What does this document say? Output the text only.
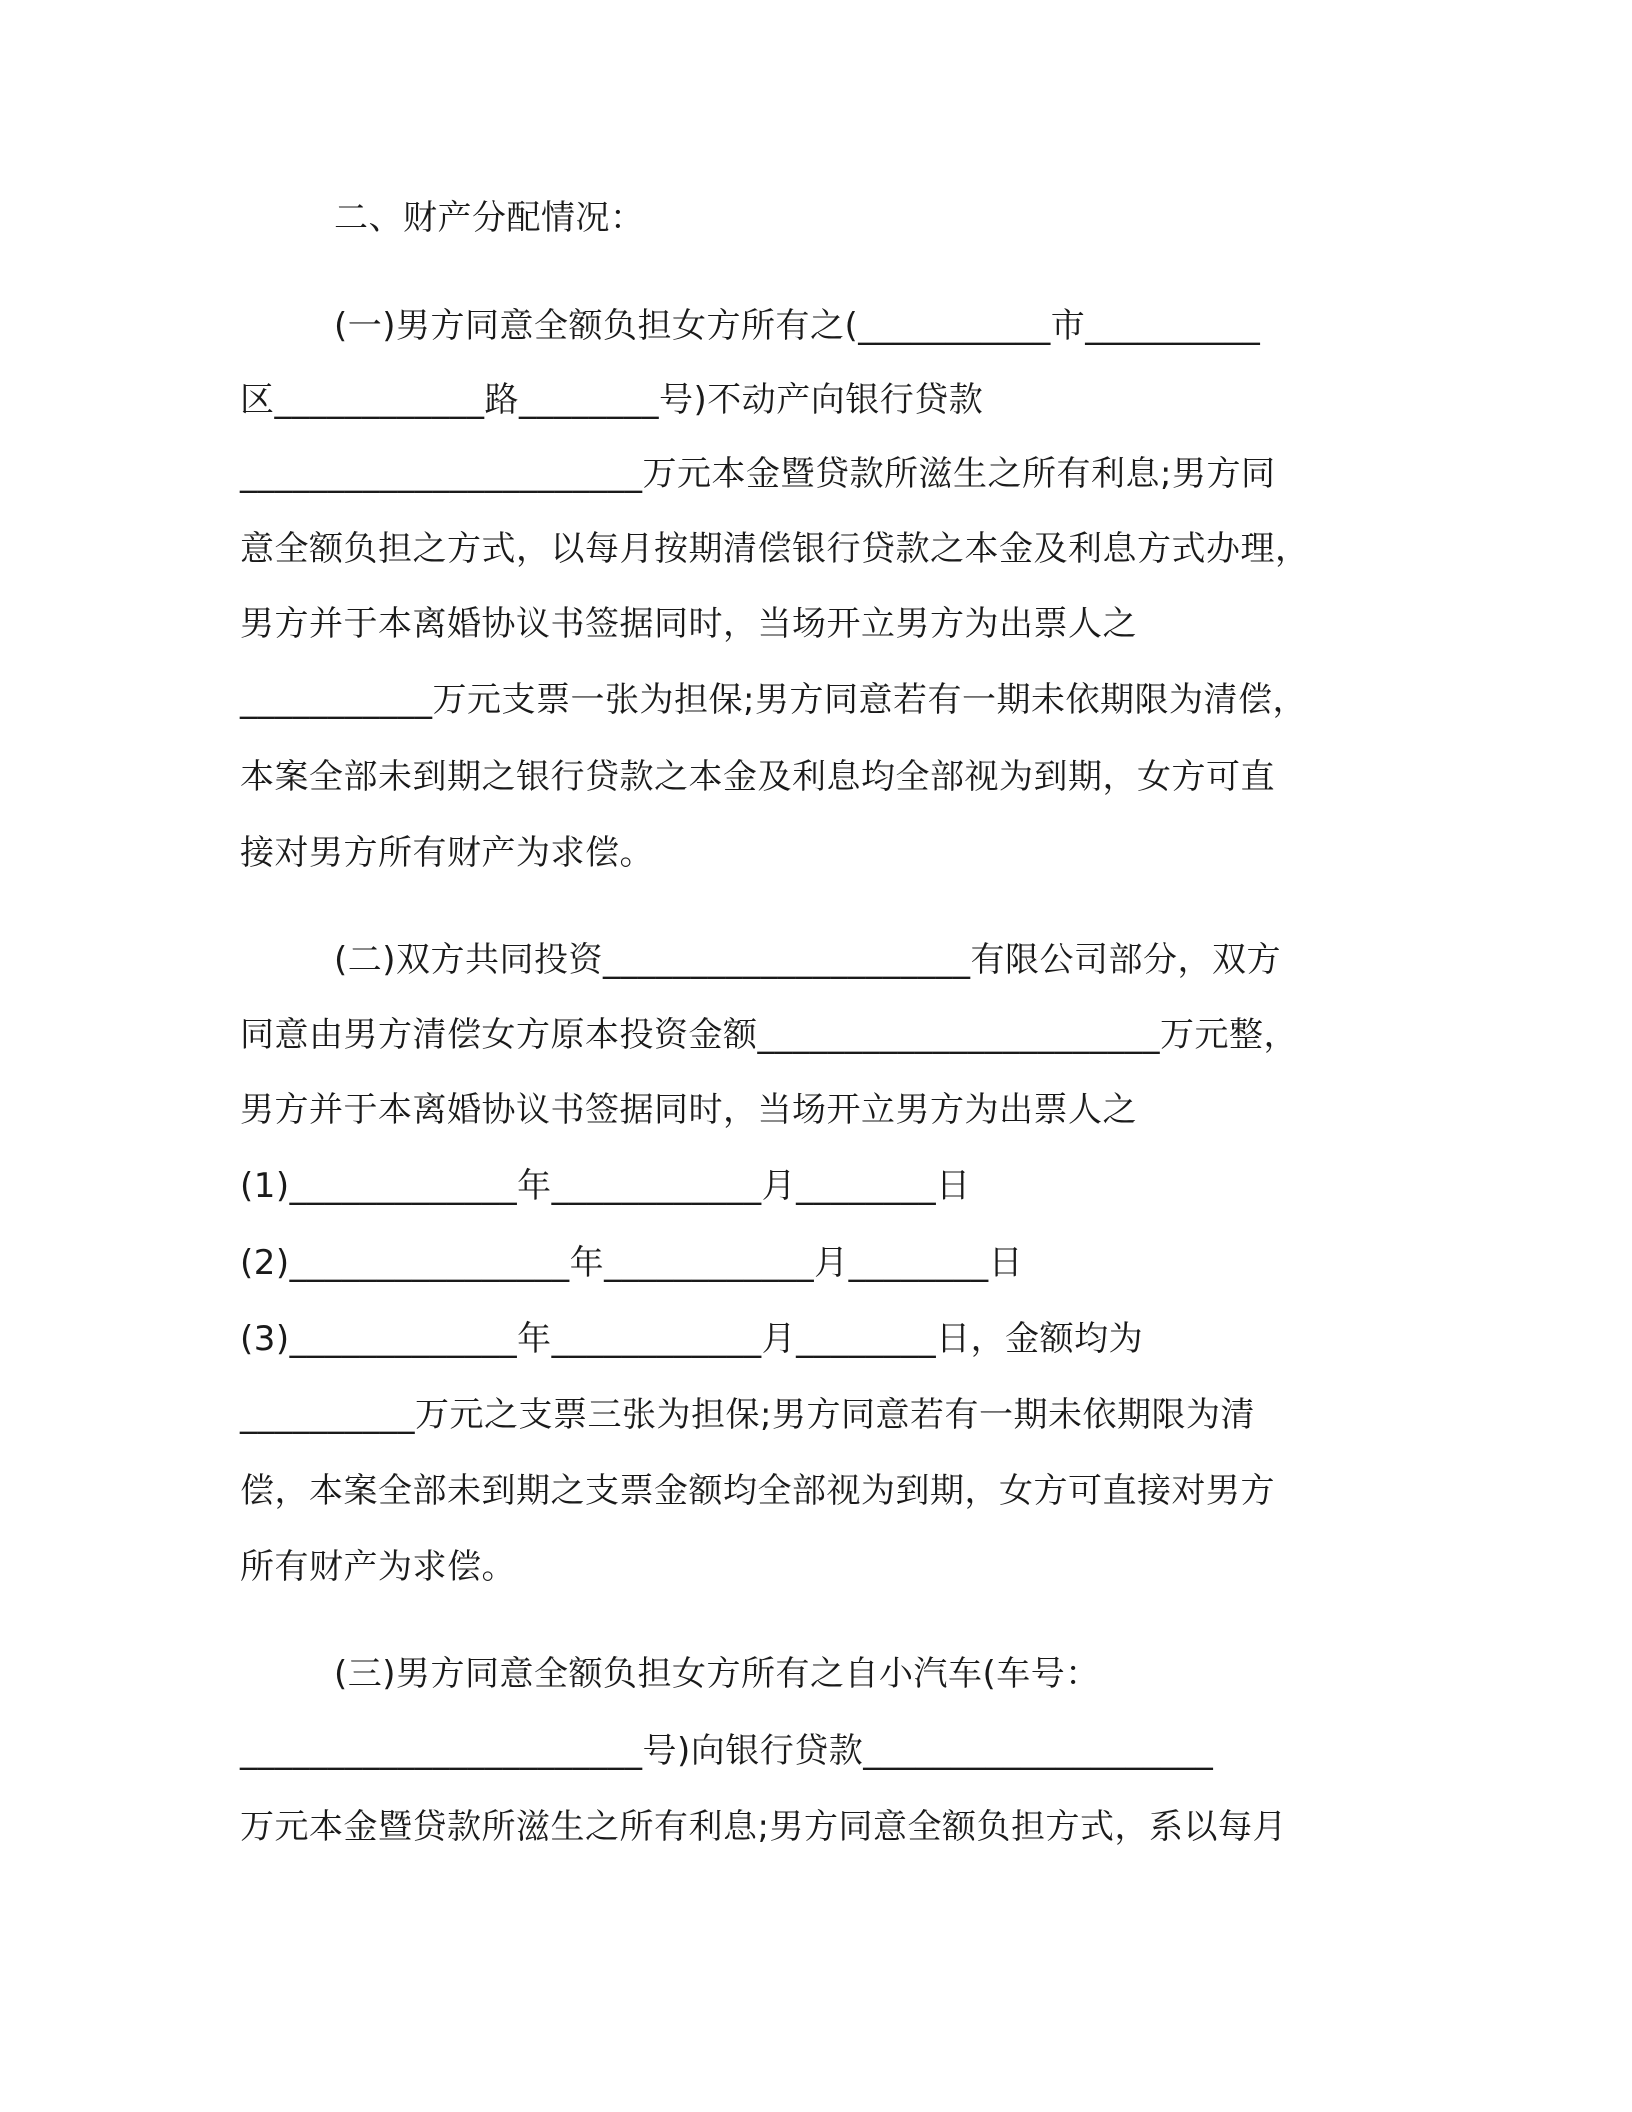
二、财产分配情况：
(一)男方同意全额负担女方所有之(___________市__________
区____________路________号)不动产向银行贷款
_______________________万元本金暨贷款所滋生之所有利息;男方同
意全额负担之方式，以每月按期清偿银行贷款之本金及利息方式办理，
男方并于本离婚协议书签据同时，当场开立男方为出票人之
___________万元支票一张为担保;男方同意若有一期未依期限为清偿，
本案全部未到期之银行贷款之本金及利息均全部视为到期，女方可直
接对男方所有财产为求偿。
(二)双方共同投资_____________________有限公司部分，双方
同意由男方清偿女方原本投资金额_______________________万元整，
男方并于本离婚协议书签据同时，当场开立男方为出票人之
(1)_____________年____________月________日
(2)________________年____________月________日
(3)_____________年____________月________日，金额均为
__________万元之支票三张为担保;男方同意若有一期未依期限为清
偿，本案全部未到期之支票金额均全部视为到期，女方可直接对男方
所有财产为求偿。
(三)男方同意全额负担女方所有之自小汽车(车号：
_______________________号)向银行贷款____________________
万元本金暨贷款所滋生之所有利息;男方同意全额负担方式，系以每月
